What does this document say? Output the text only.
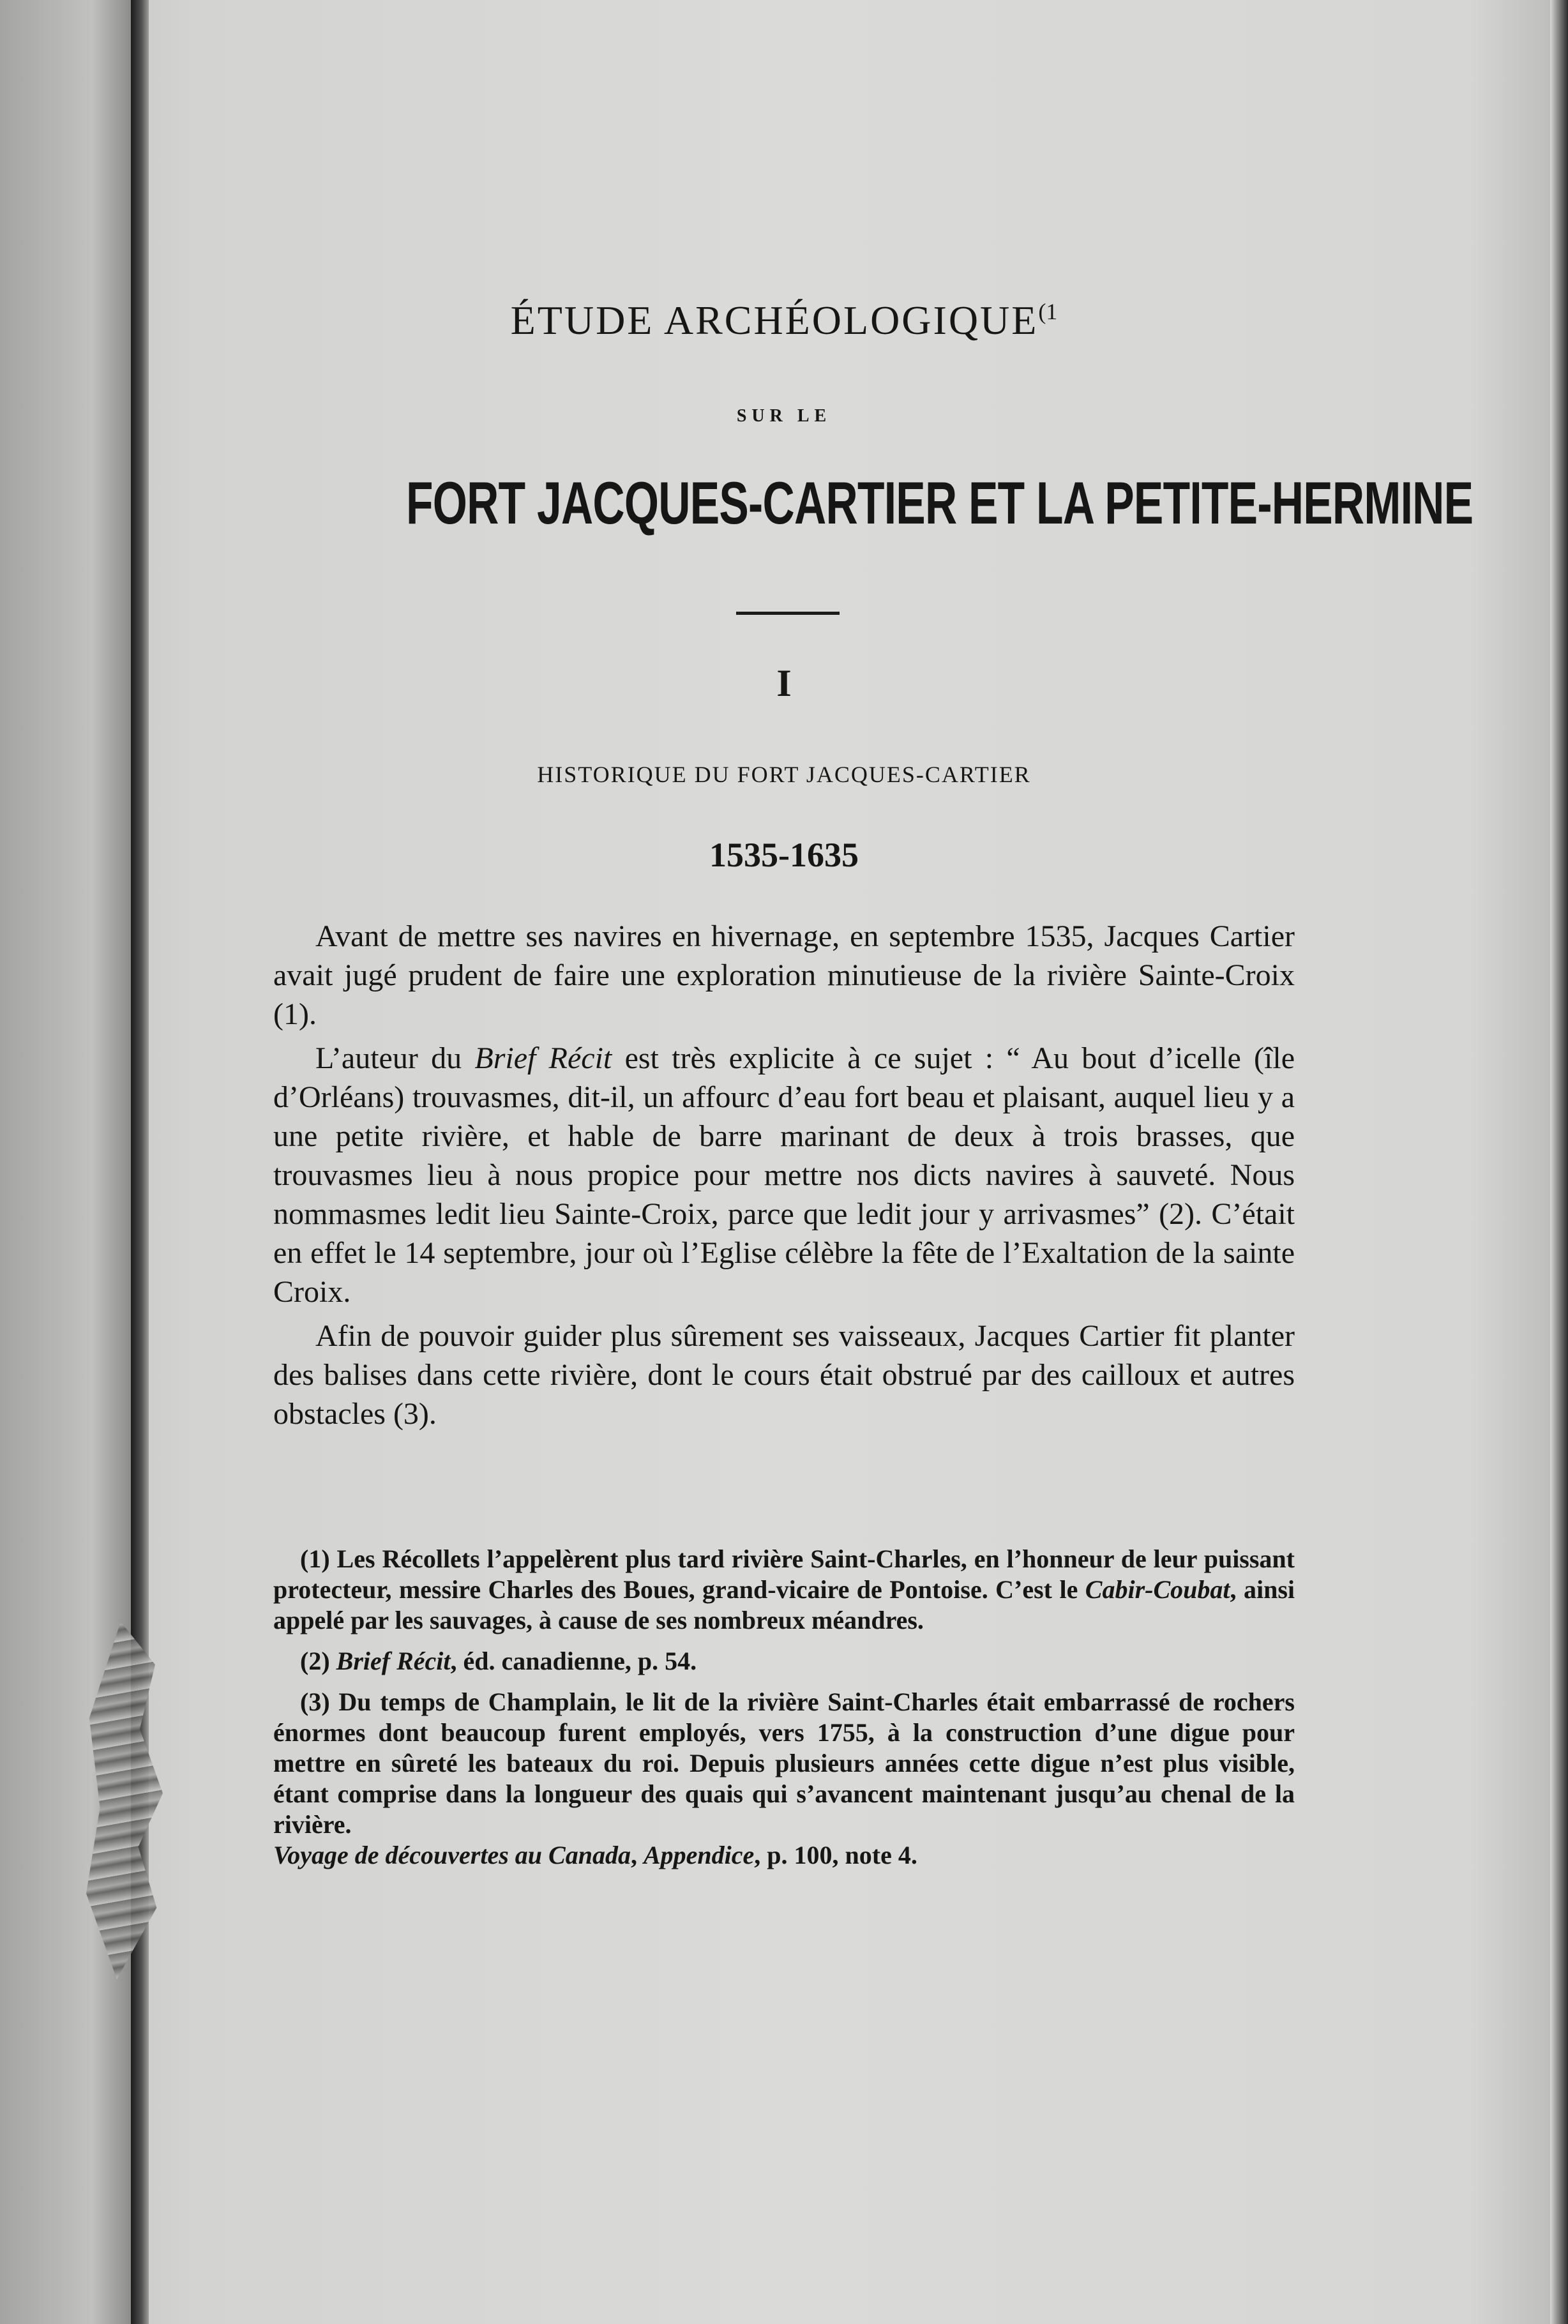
ÉTUDE ARCHÉOLOGIQUE$^{(1}$
SUR LE
FORT JACQUES-CARTIER ET LA PETITE-HERMINE
I
HISTORIQUE DU FORT JACQUES-CARTIER
1535-1635

Avant de mettre ses navires en hivernage, en septembre 1535, Jacques Cartier avait jugé prudent de faire une exploration minutieuse de la rivière Sainte-Croix (1).

L’auteur du Brief Récit est très explicite à ce sujet : “ Au bout d’icelle (île d’Orléans) trouvasmes, dit-il, un affourc d’eau fort beau et plaisant, auquel lieu y a une petite rivière, et hable de barre marinant de deux à trois brasses, que trouvasmes lieu à nous propice pour mettre nos dicts navires à sauveté. Nous nommasmes ledit lieu Sainte-Croix, parce que ledit jour y arrivasmes” (2). C’était en effet le 14 septembre, jour où l’Eglise célèbre la fête de l’Exaltation de la sainte Croix.

Afin de pouvoir guider plus sûrement ses vaisseaux, Jacques Cartier fit planter des balises dans cette rivière, dont le cours était obstrué par des cailloux et autres obstacles (3).

(1) Les Récollets l’appelèrent plus tard rivière Saint-Charles, en l’honneur de leur puissant protecteur, messire Charles des Boues, grand-vicaire de Pontoise. C’est le Cabir-Coubat, ainsi appelé par les sauvages, à cause de ses nombreux méandres.

(2) Brief Récit, éd. canadienne, p. 54.

(3) Du temps de Champlain, le lit de la rivière Saint-Charles était embarrassé de rochers énormes dont beaucoup furent employés, vers 1755, à la construction d’une digue pour mettre en sûreté les bateaux du roi. Depuis plusieurs années cette digue n’est plus visible, étant comprise dans la longueur des quais qui s’avancent maintenant jusqu’au chenal de la rivière.
Voyage de découvertes au Canada, Appendice, p. 100, note 4.
